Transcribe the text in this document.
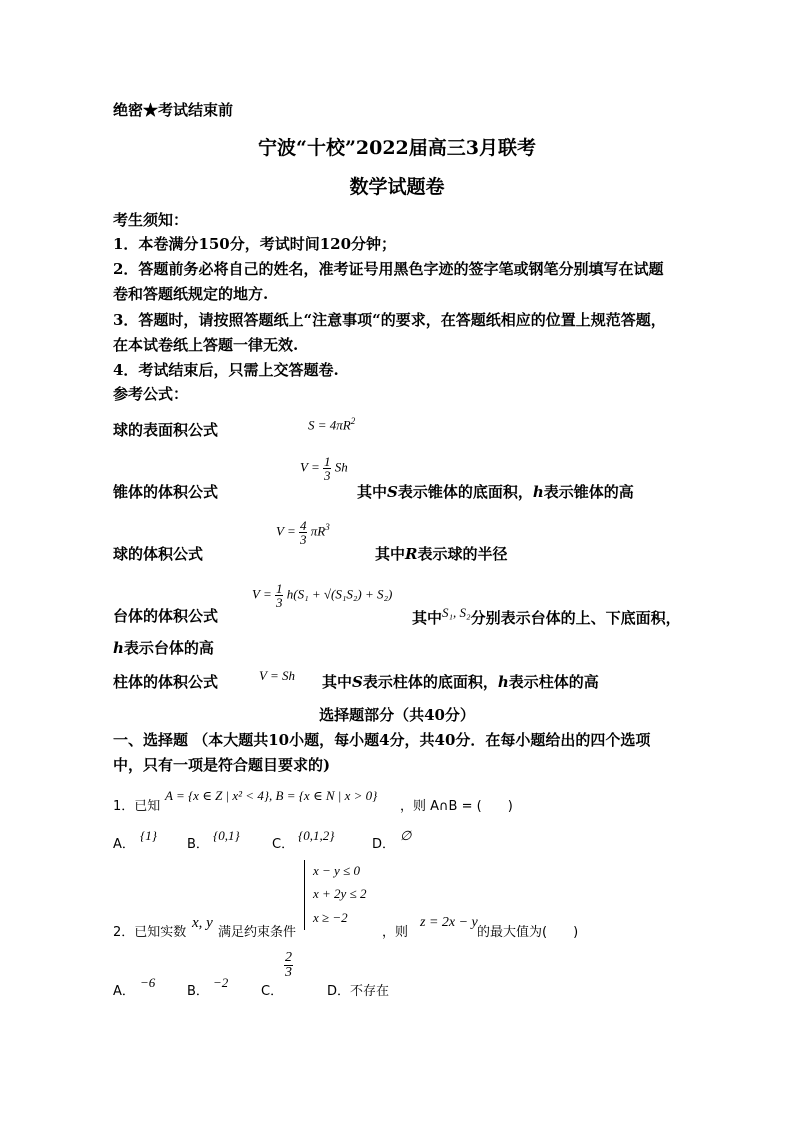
绝密★考试结束前
宁波“十校”2022届高三3月联考
数学试题卷
考生须知：
1．本卷满分150分，考试时间120分钟；
2．答题前务必将自己的姓名，准考证号用黑色字迹的签字笔或钢笔分别填写在试题
卷和答题纸规定的地方.
3．答题时，请按照答题纸上“注意事项“的要求，在答题纸相应的位置上规范答题，
在本试卷纸上答题一律无效.
4．考试结束后，只需上交答题卷.
参考公式：
球的表面积公式	$S = 4\pi R^2$
锥体的体积公式
$V = \frac{1}{3}$ Sh
其中S表示锥体的底面积，h表示锥体的高
球的体积公式
$V = \frac{4}{3} \pi R^3$
其中R表示球的半径
台体的体积公式
$V = \frac{1}{3} h(S_1 + √(S_1S_2) + S_2)$
其中S₁, S₂分别表示台体的上、下底面积，
h表示台体的高
柱体的体积公式	V = Sh 其中S表示柱体的底面积，h表示柱体的高
选择题部分（共40分）
一、选择题 （本大题共10小题，每小题4分，共40分．在每小题给出的四个选项
中，只有一项是符合题目要求的)
1．已知
A = {x ∈ Z | x² < 4}, B = {x ∈ N | x > 0}
，则 A∩B = (　　)
A．
{1}
B．
{0,1}
C．
{0,1,2}
D．
∅
x − y ≤ 0
x + 2y ≤ 2
x ≥ −2
2．已知实数
x, y
满足约束条件	，则
z = 2x − y
的最大值为(　　)
A．
−6
B．
−2
C．
$\frac{2}{3}$
D．不存在
